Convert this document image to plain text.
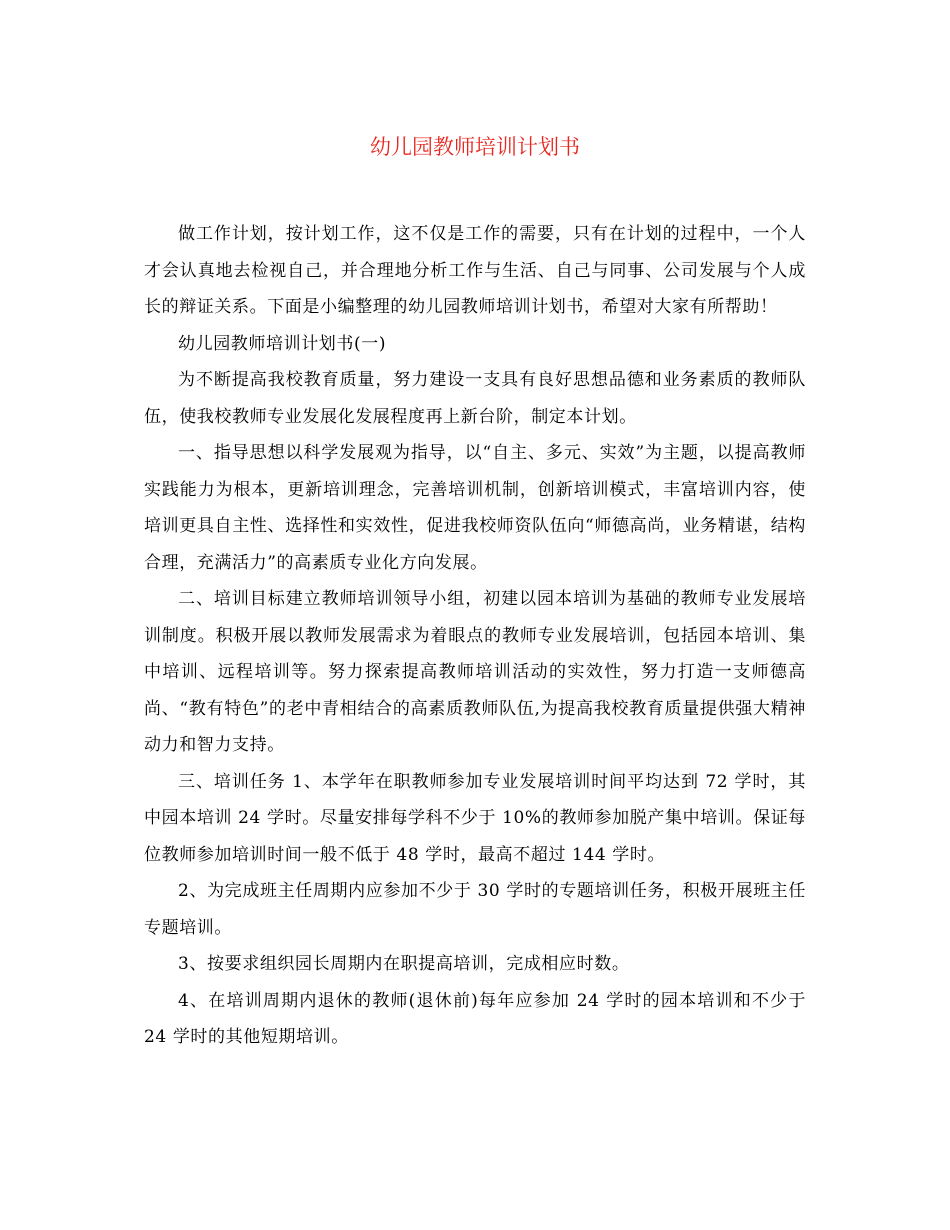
幼儿园教师培训计划书

做工作计划，按计划工作，这不仅是工作的需要，只有在计划的过程中，一个人才会认真地去检视自己，并合理地分析工作与生活、自己与同事、公司发展与个人成长的辩证关系。下面是小编整理的幼儿园教师培训计划书，希望对大家有所帮助！

幼儿园教师培训计划书(一)

为不断提高我校教育质量，努力建设一支具有良好思想品德和业务素质的教师队伍，使我校教师专业发展化发展程度再上新台阶，制定本计划。

一、指导思想以科学发展观为指导，以“自主、多元、实效”为主题，以提高教师实践能力为根本，更新培训理念，完善培训机制，创新培训模式，丰富培训内容，使培训更具自主性、选择性和实效性，促进我校师资队伍向“师德高尚，业务精谌，结构合理，充满活力”的高素质专业化方向发展。

二、培训目标建立教师培训领导小组，初建以园本培训为基础的教师专业发展培训制度。积极开展以教师发展需求为着眼点的教师专业发展培训，包括园本培训、集中培训、远程培训等。努力探索提高教师培训活动的实效性，努力打造一支师德高尚、“教有特色”的老中青相结合的高素质教师队伍,为提高我校教育质量提供强大精神动力和智力支持。

三、培训任务 1、本学年在职教师参加专业发展培训时间平均达到 72 学时，其中园本培训 24 学时。尽量安排每学科不少于 10%的教师参加脱产集中培训。保证每位教师参加培训时间一般不低于 48 学时，最高不超过 144 学时。

2、为完成班主任周期内应参加不少于 30 学时的专题培训任务，积极开展班主任专题培训。

3、按要求组织园长周期内在职提高培训，完成相应时数。

4、在培训周期内退休的教师(退休前)每年应参加 24 学时的园本培训和不少于 24 学时的其他短期培训。
